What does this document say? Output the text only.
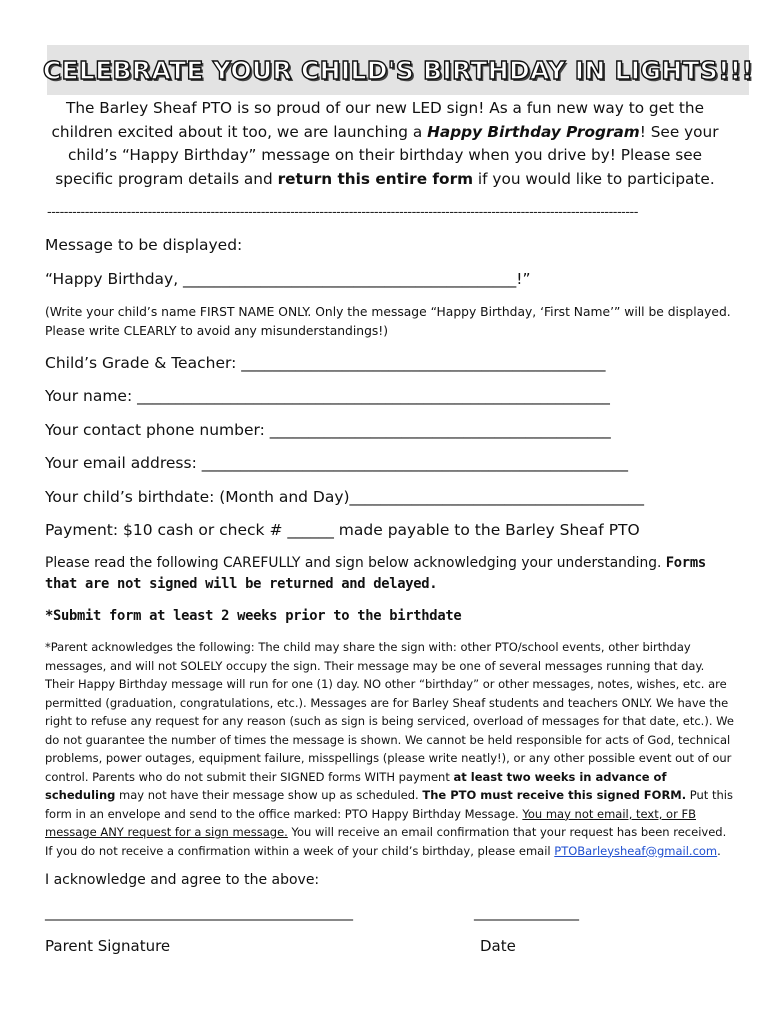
CELEBRATE YOUR CHILD'S BIRTHDAY IN LIGHTS!!!
The Barley Sheaf PTO is so proud of our new LED sign! As a fun new way to get the children excited about it too, we are launching a Happy Birthday Program! See your child’s “Happy Birthday” message on their birthday when you drive by! Please see specific program details and return this entire form if you would like to participate.
---------------------------------------------------------------------------------------------------------------------------------------------
Message to be displayed:
“Happy Birthday, ___________________________________________!”
(Write your child’s name FIRST NAME ONLY. Only the message “Happy Birthday, ‘First Name’” will be displayed.
Please write CLEARLY to avoid any misunderstandings!)
Child’s Grade & Teacher: _______________________________________________
Your name: _____________________________________________________________
Your contact phone number: ____________________________________________
Your email address: _______________________________________________________
Your child’s birthdate: (Month and Day)______________________________________
Payment: $10 cash or check # ______ made payable to the Barley Sheaf PTO
Please read the following CAREFULLY and sign below acknowledging your understanding. Forms that are not signed will be returned and delayed.
*Submit form at least 2 weeks prior to the birthdate
*Parent acknowledges the following: The child may share the sign with: other PTO/school events, other birthday messages, and will not SOLELY occupy the sign. Their message may be one of several messages running that day. Their Happy Birthday message will run for one (1) day. NO other “birthday” or other messages, notes, wishes, etc. are permitted (graduation, congratulations, etc.). Messages are for Barley Sheaf students and teachers ONLY. We have the right to refuse any request for any reason (such as sign is being serviced, overload of messages for that date, etc.). We do not guarantee the number of times the message is shown. We cannot be held responsible for acts of God, technical problems, power outages, equipment failure, misspellings (please write neatly!), or any other possible event out of our control. Parents who do not submit their SIGNED forms WITH payment at least two weeks in advance of scheduling may not have their message show up as scheduled. The PTO must receive this signed FORM. Put this form in an envelope and send to the office marked: PTO Happy Birthday Message. You may not email, text, or FB message ANY request for a sign message. You will receive an email confirmation that your request has been received. If you do not receive a confirmation within a week of your child’s birthday, please email PTOBarleysheaf@gmail.com.
I acknowledge and agree to the above:
____________________________________________	_______________
Parent Signature	Date
